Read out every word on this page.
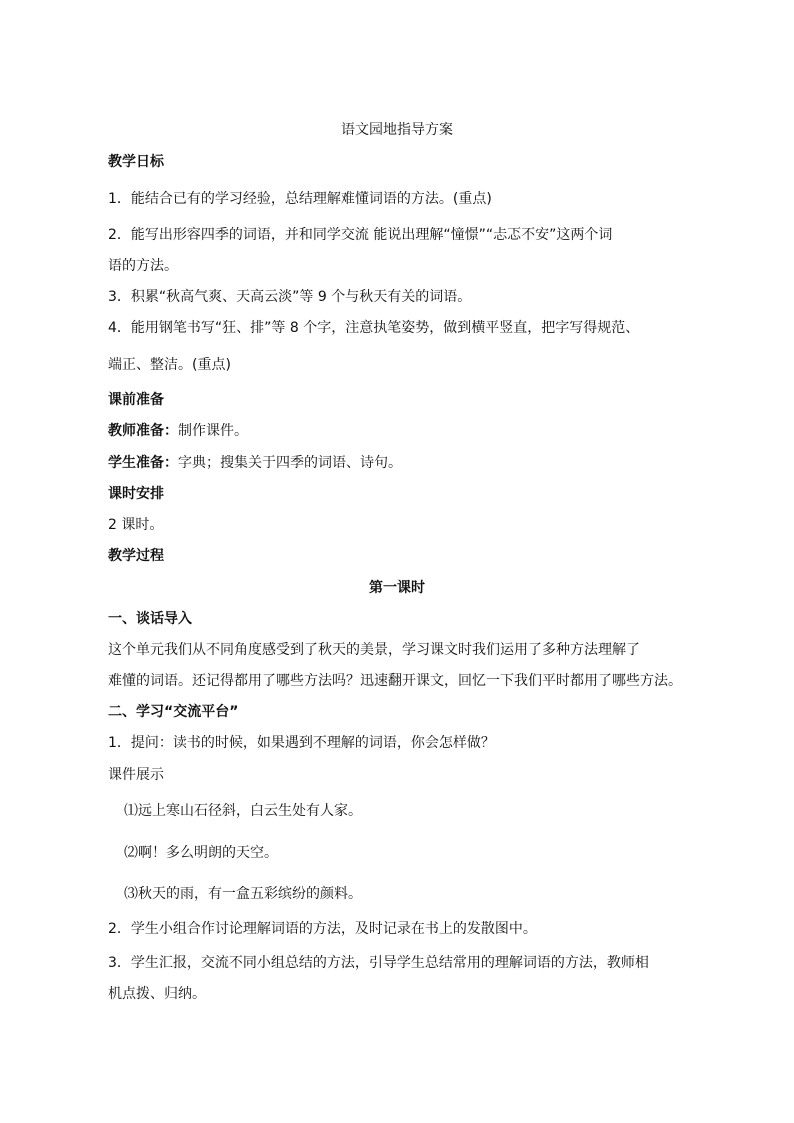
语文园地指导方案
教学日标
1．能结合已有的学习经验，总结理解难懂词语的方法。(重点)
2．能写出形容四季的词语，并和同学交流 能说出理解“憧憬”“忐忑不安”这两个词
语的方法。
3．积累“秋高气爽、天高云淡”等 9 个与秋天有关的词语。
4．能用钢笔书写“狂、排”等 8 个字，注意执笔姿势，做到横平竖直，把字写得规范、
端正、整洁。(重点)
课前准备
教师准备：制作课件。
学生准备：字典；搜集关于四季的词语、诗句。
课时安排
2 课时。
教学过程
第一课时
一、谈话导入
这个单元我们从不同角度感受到了秋天的美景，学习课文时我们运用了多种方法理解了
难懂的词语。还记得都用了哪些方法吗？迅速翻开课文，回忆一下我们平时都用了哪些方法。
二、学习“交流平台”
1．提问：读书的时候，如果遇到不理解的词语，你会怎样做？
课件展示
⑴远上寒山石径斜，白云生处有人家。
⑵啊！多么明朗的天空。
⑶秋天的雨，有一盒五彩缤纷的颜料。
2．学生小组合作讨论理解词语的方法，及时记录在书上的发散图中。
3．学生汇报，交流不同小组总结的方法，引导学生总结常用的理解词语的方法，教师相
机点拨、归纳。
